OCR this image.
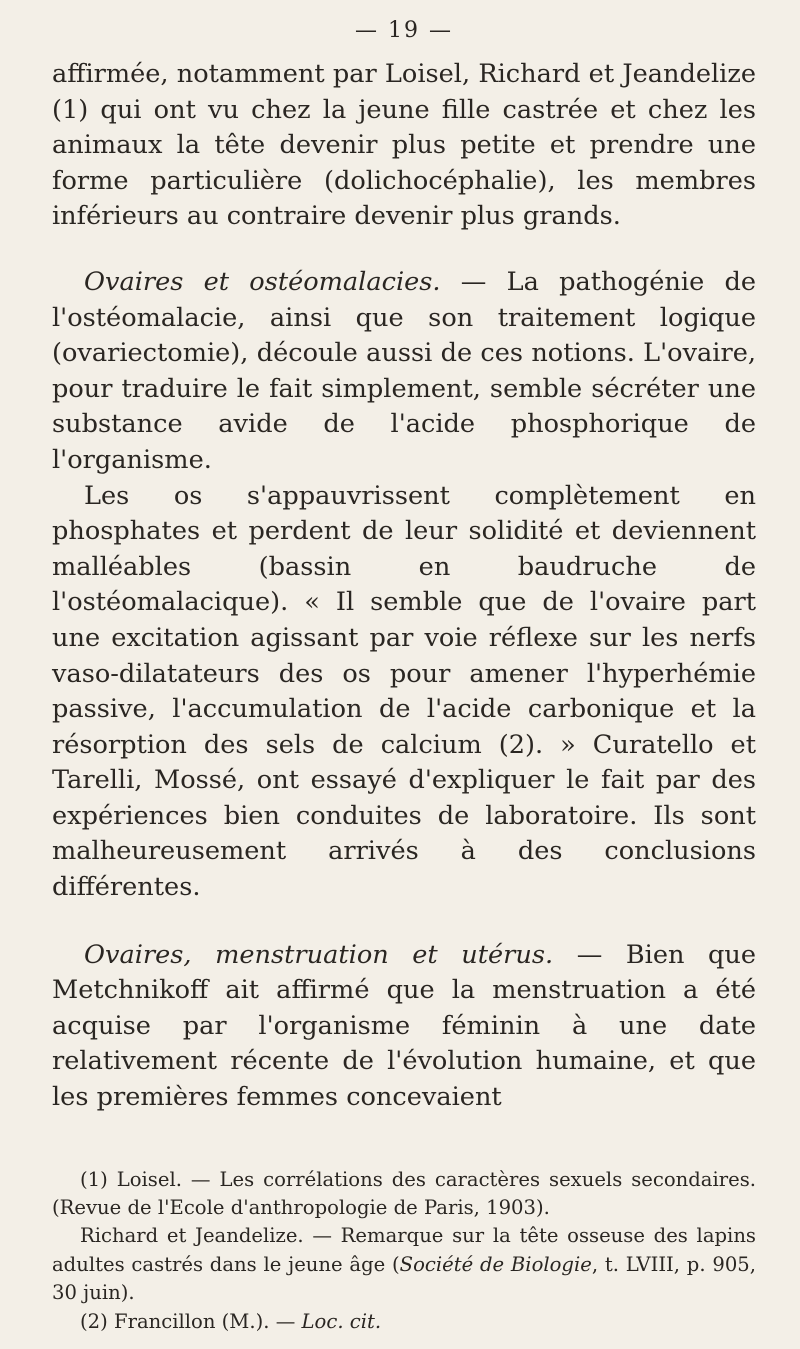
— 19 —

affirmée, notamment par Loisel, Richard et Jeandelize (1) qui ont vu chez la jeune fille castrée et chez les animaux la tête devenir plus petite et prendre une forme particulière (dolichocéphalie), les membres inférieurs au contraire devenir plus grands.

Ovaires et ostéomalacies. — La pathogénie de l'ostéomalacie, ainsi que son traitement logique (ovariectomie), découle aussi de ces notions. L'ovaire, pour traduire le fait simplement, semble sécréter une substance avide de l'acide phosphorique de l'organisme.

Les os s'appauvrissent complètement en phosphates et perdent de leur solidité et deviennent malléables (bassin en baudruche de l'ostéomalacique). « Il semble que de l'ovaire part une excitation agissant par voie réflexe sur les nerfs vaso-dilatateurs des os pour amener l'hyperhémie passive, l'accumulation de l'acide carbonique et la résorption des sels de calcium (2). » Curatello et Tarelli, Mossé, ont essayé d'expliquer le fait par des expériences bien conduites de laboratoire. Ils sont malheureusement arrivés à des conclusions différentes.

Ovaires, menstruation et utérus. — Bien que Metchnikoff ait affirmé que la menstruation a été acquise par l'organisme féminin à une date relativement récente de l'évolution humaine, et que les premières femmes concevaient

(1) Loisel. — Les corrélations des caractères sexuels secondaires. (Revue de l'Ecole d'anthropologie de Paris, 1903).

Richard et Jeandelize. — Remarque sur la tête osseuse des lapins adultes castrés dans le jeune âge (Société de Biologie, t. LVIII, p. 905, 30 juin).

(2) Francillon (M.). — Loc. cit.
